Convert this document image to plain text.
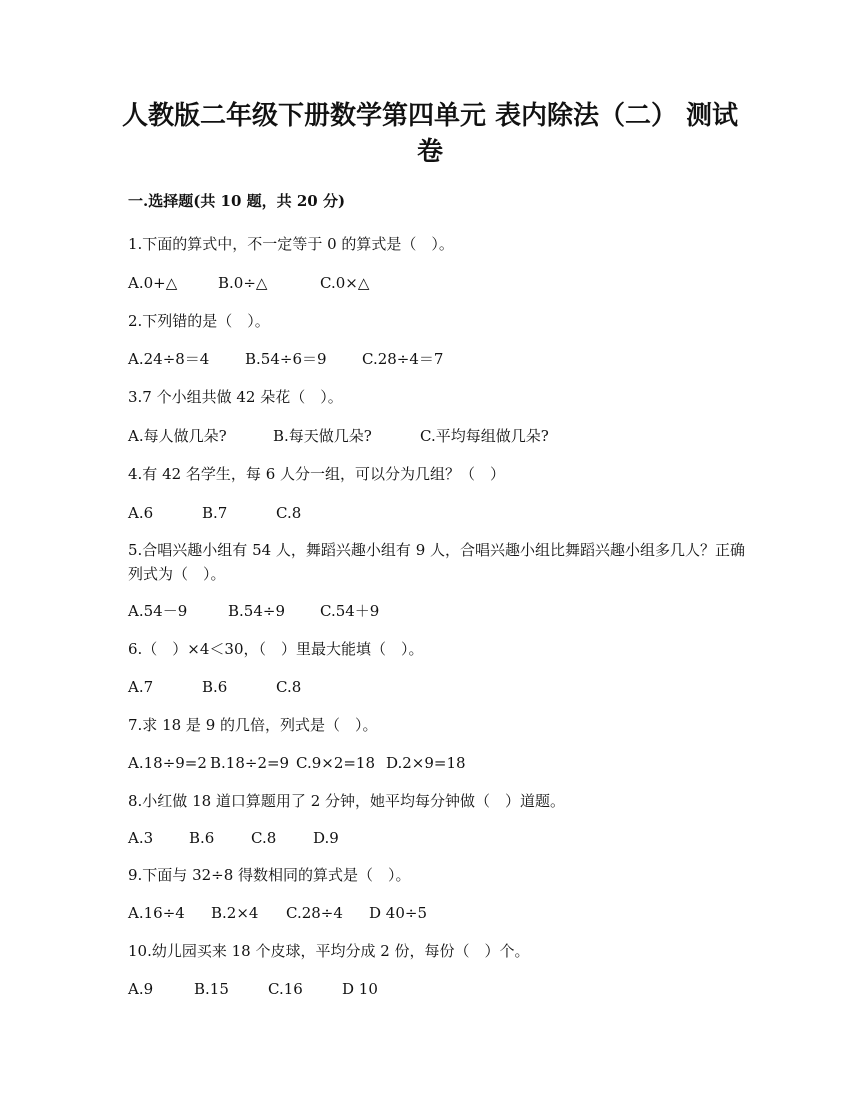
人教版二年级下册数学第四单元 表内除法（二） 测试卷

一.选择题(共 10 题，共 20 分)

1.下面的算式中，不一定等于 0 的算式是（　）。

A.0+△	B.0÷△	C.0×△

2.下列错的是（　）。

A.24÷8＝4 B.54÷6＝9 C.28÷4＝7

3.7 个小组共做 42 朵花（　）。

A.每人做几朵?	B.每天做几朵?	C.平均每组做几朵?

4.有 42 名学生，每 6 人分一组，可以分为几组？（　）

A.6	B.7	C.8

5.合唱兴趣小组有 54 人，舞蹈兴趣小组有 9 人，合唱兴趣小组比舞蹈兴趣小组多几人？正确列式为（　）。

A.54－9	B.54÷9 C.54＋9

6.（　）×4＜30，（　）里最大能填（　）。

A.7	B.6	C.8

7.求 18 是 9 的几倍，列式是（　）。

A.18÷9=2 B.18÷2=9 C.9×2=18 D.2×9=18

8.小红做 18 道口算题用了 2 分钟，她平均每分钟做（　）道题。

A.3 B.6 C.8 D.9

9.下面与 32÷8 得数相同的算式是（　）。

A.16÷4 B.2×4 C.28÷4 D 40÷5

10.幼儿园买来 18 个皮球，平均分成 2 份，每份（　）个。

A.9	B.15	C.16	D 10
